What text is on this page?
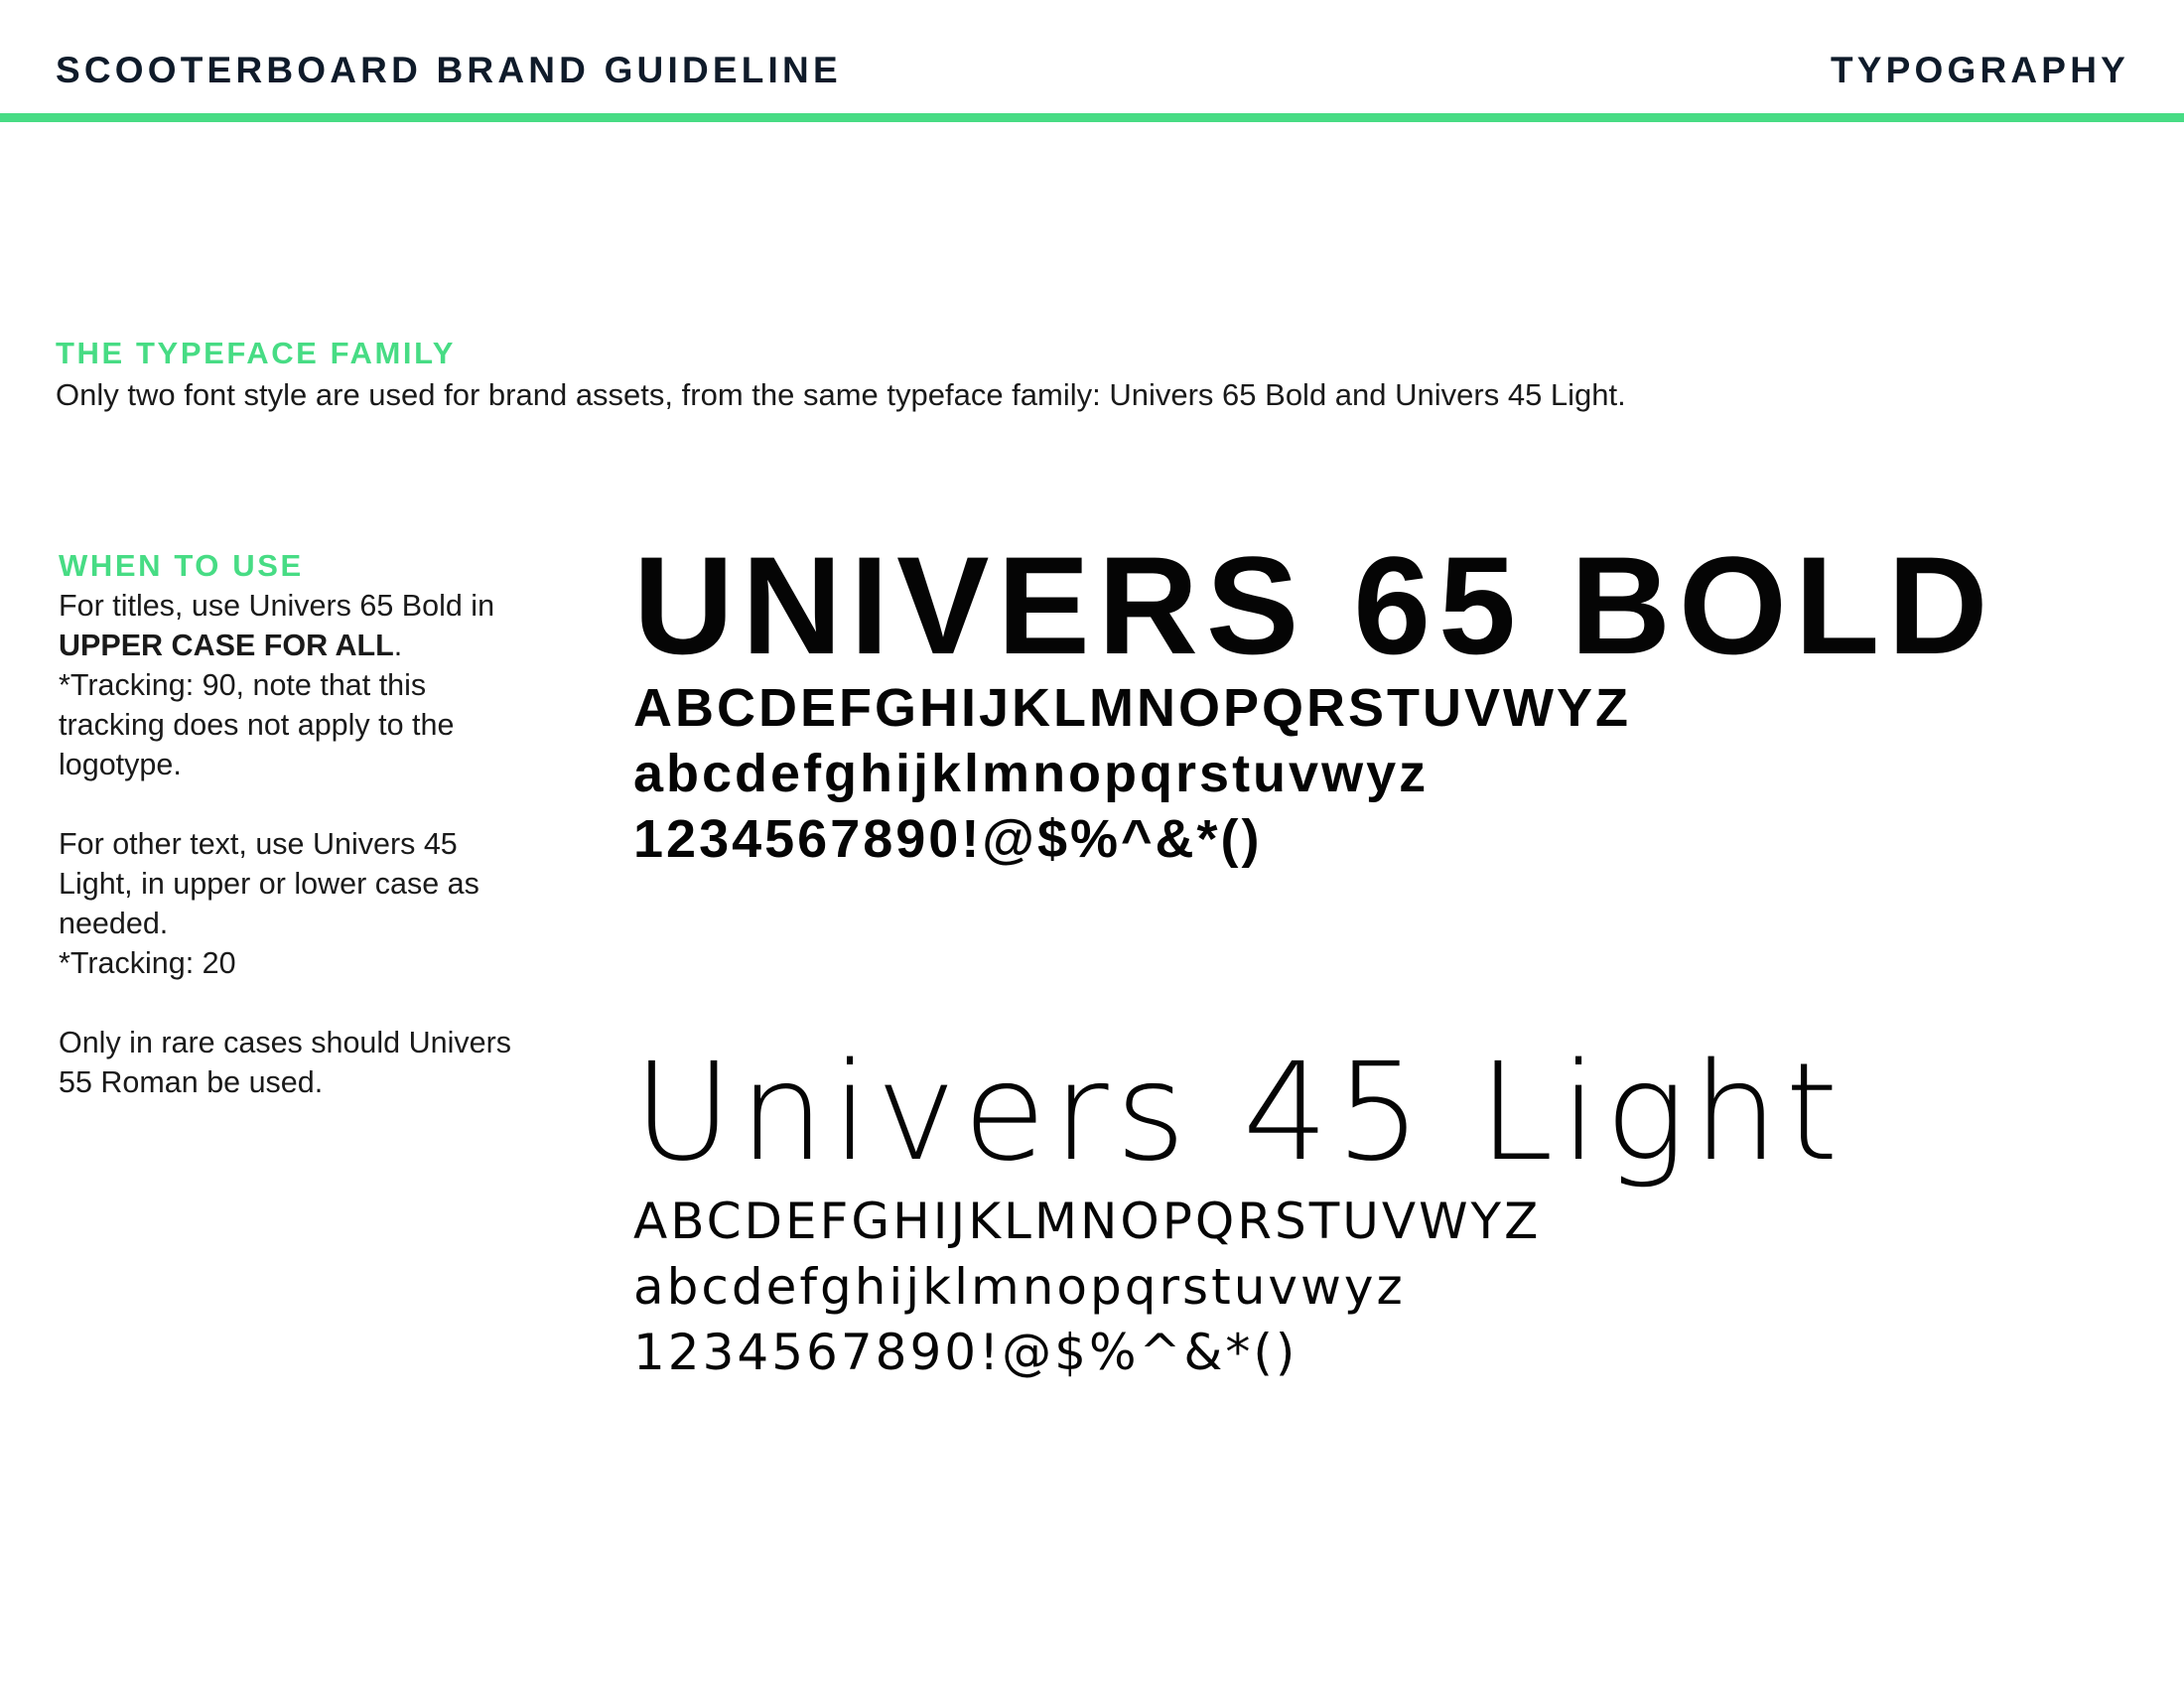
SCOOTERBOARD BRAND GUIDELINE	TYPOGRAPHY
THE TYPEFACE FAMILY
Only two font style are used for brand assets, from the same typeface family: Univers 65 Bold and Univers 45 Light.
WHEN TO USE

For titles, use Univers 65 Bold in UPPER CASE FOR ALL.
*Tracking: 90, note that this tracking does not apply to the logotype.

For other text, use Univers 45 Light, in upper or lower case as needed.
*Tracking: 20

Only in rare cases should Univers 55 Roman be used.

UNIVERS 65 BOLD
ABCDEFGHIJKLMNOPQRSTUVWYZ
abcdefghijklmnopqrstuvwyz
1234567890!@$%^&*()
Univers 45 Light
ABCDEFGHIJKLMNOPQRSTUVWYZ
abcdefghijklmnopqrstuvwyz
1234567890!@$%^&*()
